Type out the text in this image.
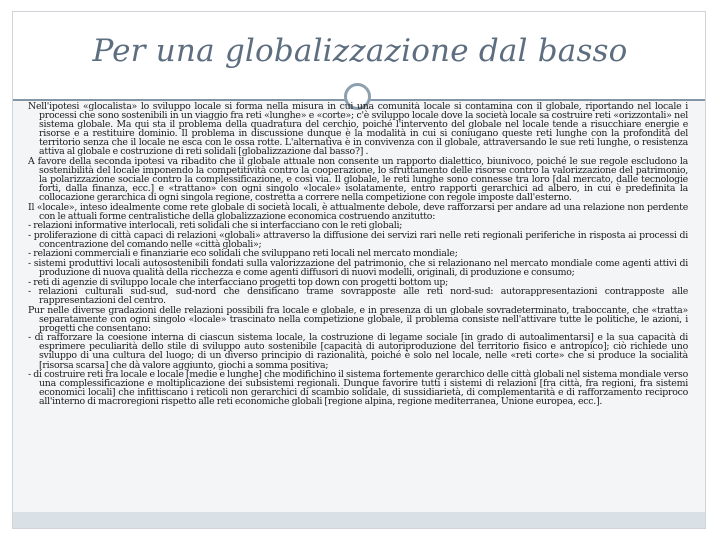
Per una globalizzazione dal basso

Nell'ipotesi «glocalista» lo sviluppo locale si forma nella misura in cui una comunità locale si contamina con il globale, riportando nel locale i processi che sono sostenibili in un viaggio fra reti «lunghe» e «corte»; c'è sviluppo locale dove la società locale sa costruire reti «orizzontali» nel sistema globale. Ma qui sta il problema della quadratura del cerchio, poiché l'intervento del globale nel locale tende a risucchiare energie e risorse e a restituire dominio. Il problema in discussione dunque è la modalità in cui si coniugano queste reti lunghe con la profondità del territorio senza che il locale ne esca con le ossa rotte. L'alternativa è in convivenza con il globale, attraversando le sue reti lunghe, o resistenza attiva al globale e costruzione di reti solidali [globalizzazione dal basso?] .

A favore della seconda ipotesi va ribadito che il globale attuale non consente un rapporto dialettico, biunivoco, poiché le sue regole escludono la sostenibilità del locale imponendo la competitività contro la cooperazione, lo sfruttamento delle risorse contro la valorizzazione del patrimonio, la polarizzazione sociale contro la complessificazione, e così via. Il globale, le reti lunghe sono connesse tra loro [dal mercato, dalle tecnologie forti, dalla finanza, ecc.] e «trattano» con ogni singolo «locale» isolatamente, entro rapporti gerarchici ad albero, in cui è predefinita la collocazione gerarchica di ogni singola regione, costretta a correre nella competizione con regole imposte dall'esterno.

Il «locale», inteso idealmente come rete globale di società locali, è attualmente debole, deve rafforzarsi per andare ad una relazione non perdente con le attuali forme centralistiche della globalizzazione economica costruendo anzitutto:

- relazioni informative interlocali, reti solidali che si interfacciano con le reti globali;

- proliferazione di città capaci di relazioni «globali» attraverso la diffusione dei servizi rari nelle reti regionali periferiche in risposta ai processi di concentrazione del comando nelle «città globali»;

- relazioni commerciali e finanziarie eco solidali che sviluppano reti locali nel mercato mondiale;

- sistemi produttivi locali autosostenibili fondati sulla valorizzazione del patrimonio, che si relazionano nel mercato mondiale come agenti attivi di produzione di nuova qualità della ricchezza e come agenti diffusori di nuovi modelli, originali, di produzione e consumo;

- reti di agenzie di sviluppo locale che interfacciano progetti top down con progetti bottom up;

- relazioni culturali sud-sud, sud-nord che densificano trame sovrapposte alle reti nord-sud: autorappresentazioni contrapposte alle rappresentazioni del centro.

Pur nelle diverse gradazioni delle relazioni possibili fra locale e globale, e in presenza di un globale sovradeterminato, traboccante, che «tratta» separatamente con ogni singolo «locale» trascinato nella competizione globale, il problema consiste nell'attivare tutte le politiche, le azioni, i progetti che consentano:

- di rafforzare la coesione interna di ciascun sistema locale, la costruzione di legame sociale [in grado di autoalimentarsi] e la sua capacità di esprimere peculiarità dello stile di sviluppo auto sostenibile [capacità di autoriproduzione del territorio fisico e antropico]; ciò richiede uno sviluppo di una cultura del luogo; di un diverso principio di razionalità, poiché è solo nel locale, nelle «reti corte» che si produce la socialità [risorsa scarsa] che dà valore aggiunto, giochi a somma positiva;

- di costruire reti fra locale e locale [medie e lunghe] che modifichino il sistema fortemente gerarchico delle città globali nel sistema mondiale verso una complessificazione e moltiplicazione dei subsistemi regionali. Dunque favorire tutti i sistemi di relazioni [fra città, fra regioni, fra sistemi economici locali] che infittiscano i reticoli non gerarchici di scambio solidale, di sussidiarietà, di complementarità e di rafforzamento reciproco all'interno di macroregioni rispetto alle reti economiche globali [regione alpina, regione mediterranea, Unione europea, ecc.].
